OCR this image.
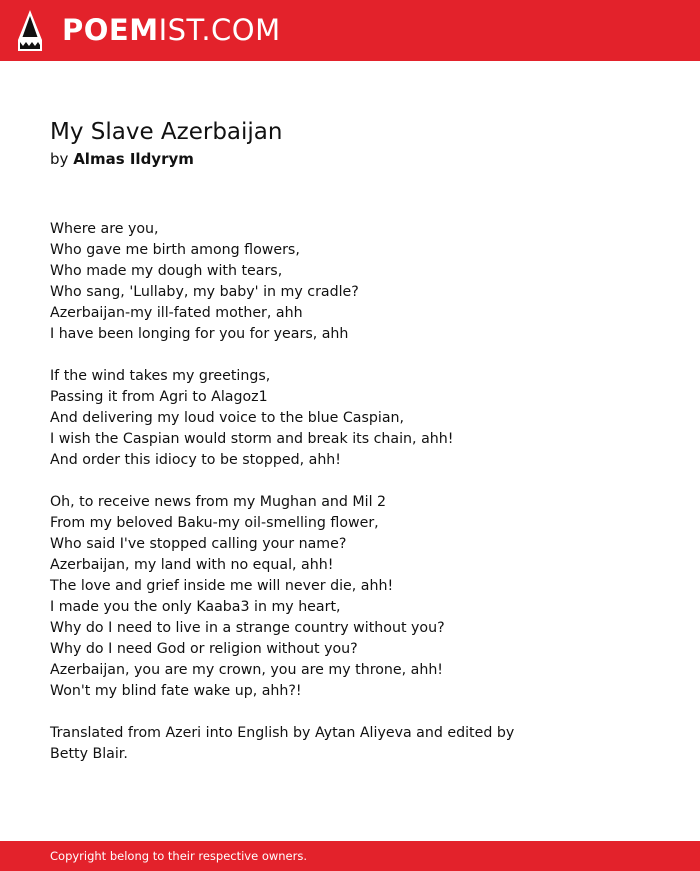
POEMIST.COM
My Slave Azerbaijan
by Almas Ildyrym
Where are you,
Who gave me birth among flowers,
Who made my dough with tears,
Who sang, 'Lullaby, my baby' in my cradle?
Azerbaijan-my ill-fated mother, ahh
I have been longing for you for years, ahh
If the wind takes my greetings,
Passing it from Agri to Alagoz1
And delivering my loud voice to the blue Caspian,
I wish the Caspian would storm and break its chain, ahh!
And order this idiocy to be stopped, ahh!
Oh, to receive news from my Mughan and Mil 2
From my beloved Baku-my oil-smelling flower,
Who said I've stopped calling your name?
Azerbaijan, my land with no equal, ahh!
The love and grief inside me will never die, ahh!
I made you the only Kaaba3 in my heart,
Why do I need to live in a strange country without you?
Why do I need God or religion without you?
Azerbaijan, you are my crown, you are my throne, ahh!
Won't my blind fate wake up, ahh?!

Translated from Azeri into English by Aytan Aliyeva and edited by Betty Blair.

Copyright belong to their respective owners.
